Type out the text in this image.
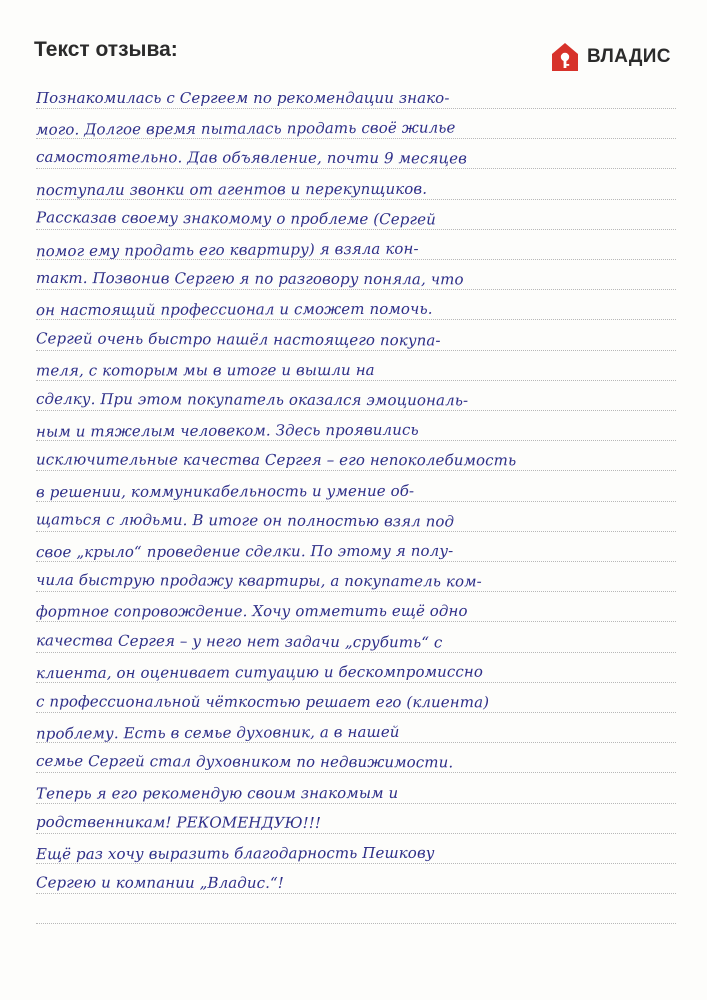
Текст отзыва:	ВЛАДИС
Познакомилась с Сергеем по рекомендации знако-
мого. Долгое время пыталась продать своё жилье
самостоятельно. Дав объявление, почти 9 месяцев
поступали звонки от агентов и перекупщиков.
Рассказав своему знакомому о проблеме (Сергей
помог ему продать его квартиру) я взяла кон-
такт. Позвонив Сергею я по разговору поняла, что
он настоящий профессионал и сможет помочь.
Сергей очень быстро нашёл настоящего покупа-
теля, с которым мы в итоге и вышли на
сделку. При этом покупатель оказался эмоциональ-
ным и тяжелым человеком. Здесь проявились
исключительные качества Сергея – его непоколебимость
в решении, коммуникабельность и умение об-
щаться с людьми. В итоге он полностью взял под
свое „крыло“ проведение сделки. По этому я полу-
чила быструю продажу квартиры, а покупатель ком-
фортное сопровождение. Хочу отметить ещё одно
качества Сергея – у него нет задачи „срубить“ с
клиента, он оценивает ситуацию и бескомпромиссно
с профессиональной чёткостью решает его (клиента)
проблему. Есть в семье духовник, а в нашей
семье Сергей стал духовником по недвижимости.
Теперь я его рекомендую своим знакомым и
родственникам! РЕКОМЕНДУЮ!!!
Ещё раз хочу выразить благодарность Пешкову
Сергею и компании „Владис.“!
